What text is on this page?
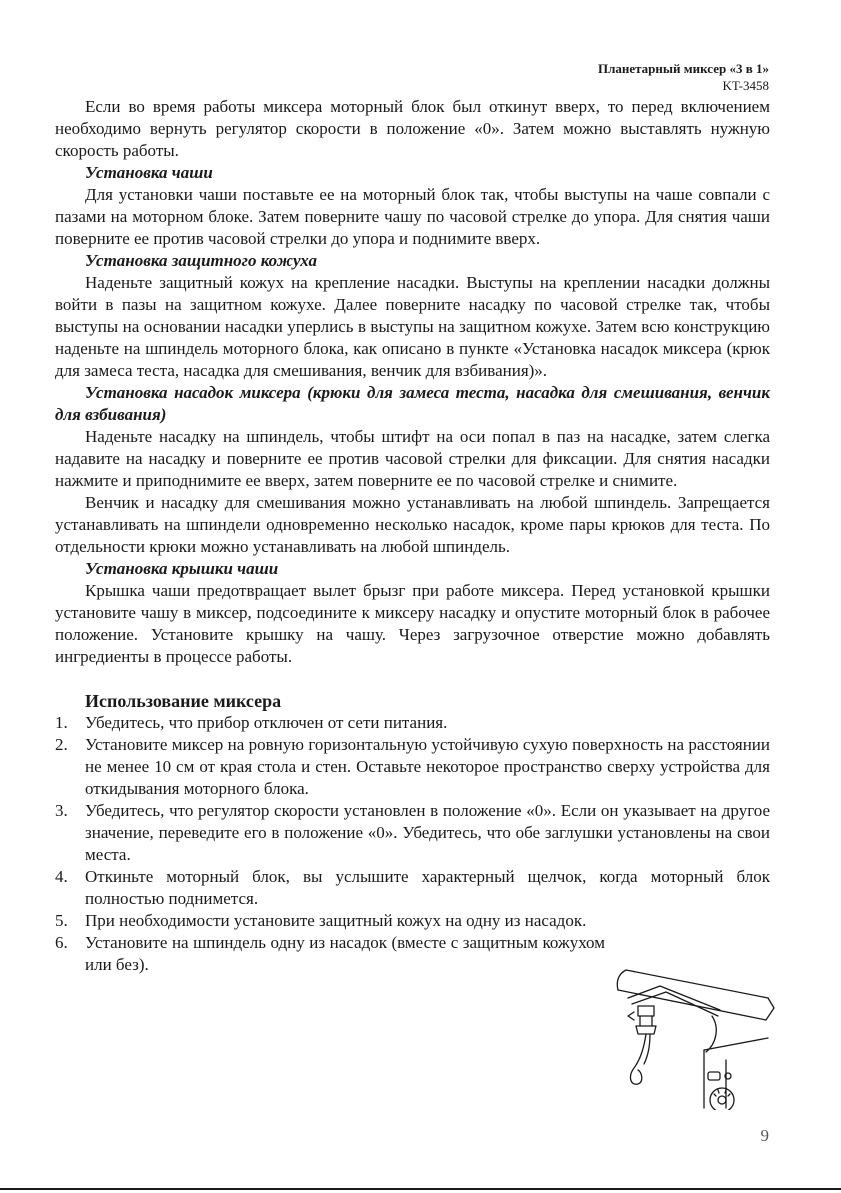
Планетарный миксер «3 в 1»
KT-3458

Если во время работы миксера моторный блок был откинут вверх, то перед включением необходимо вернуть регулятор скорости в положение «0». Затем можно выставлять нужную скорость работы.

Установка чаши

Для установки чаши поставьте ее на моторный блок так, чтобы выступы на чаше совпали с пазами на моторном блоке. Затем поверните чашу по часовой стрелке до упора. Для снятия чаши поверните ее против часовой стрелки до упора и поднимите вверх.

Установка защитного кожуха

Наденьте защитный кожух на крепление насадки. Выступы на креплении насадки должны войти в пазы на защитном кожухе. Далее поверните насадку по часовой стрелке так, чтобы выступы на основании насадки уперлись в выступы на защитном кожухе. Затем всю конструкцию наденьте на шпиндель моторного блока, как описано в пункте «Установка насадок миксера (крюк для замеса теста, насадка для смешивания, венчик для взбивания)».

Установка насадок миксера (крюки для замеса теста, насадка для смешивания, венчик для взбивания)

Наденьте насадку на шпиндель, чтобы штифт на оси попал в паз на насадке, затем слегка надавите на насадку и поверните ее против часовой стрелки для фиксации. Для снятия насадки нажмите и приподнимите ее вверх, затем поверните ее по часовой стрелке и снимите.

Венчик и насадку для смешивания можно устанавливать на любой шпиндель. Запрещается устанавливать на шпиндели одновременно несколько насадок, кроме пары крюков для теста. По отдельности крюки можно устанавливать на любой шпиндель.

Установка крышки чаши

Крышка чаши предотвращает вылет брызг при работе миксера. Перед установкой крышки установите чашу в миксер, подсоедините к миксеру насадку и опустите моторный блок в рабочее положение. Установите крышку на чашу. Через загрузочное отверстие можно добавлять ингредиенты в процессе работы.

Использование миксера
1. Убедитесь, что прибор отключен от сети питания.
2. Установите миксер на ровную горизонтальную устойчивую сухую поверхность на расстоянии не менее 10 см от края стола и стен. Оставьте некоторое пространство сверху устройства для откидывания моторного блока.
3. Убедитесь, что регулятор скорости установлен в положение «0». Если он указывает на другое значение, переведите его в положение «0». Убедитесь, что обе заглушки установлены на свои места.
4. Откиньте моторный блок, вы услышите характерный щелчок, когда моторный блок полностью поднимется.
5. При необходимости установите защитный кожух на одну из насадок.
6. Установите на шпиндель одну из насадок (вместе с защитным кожухом или без).
9
